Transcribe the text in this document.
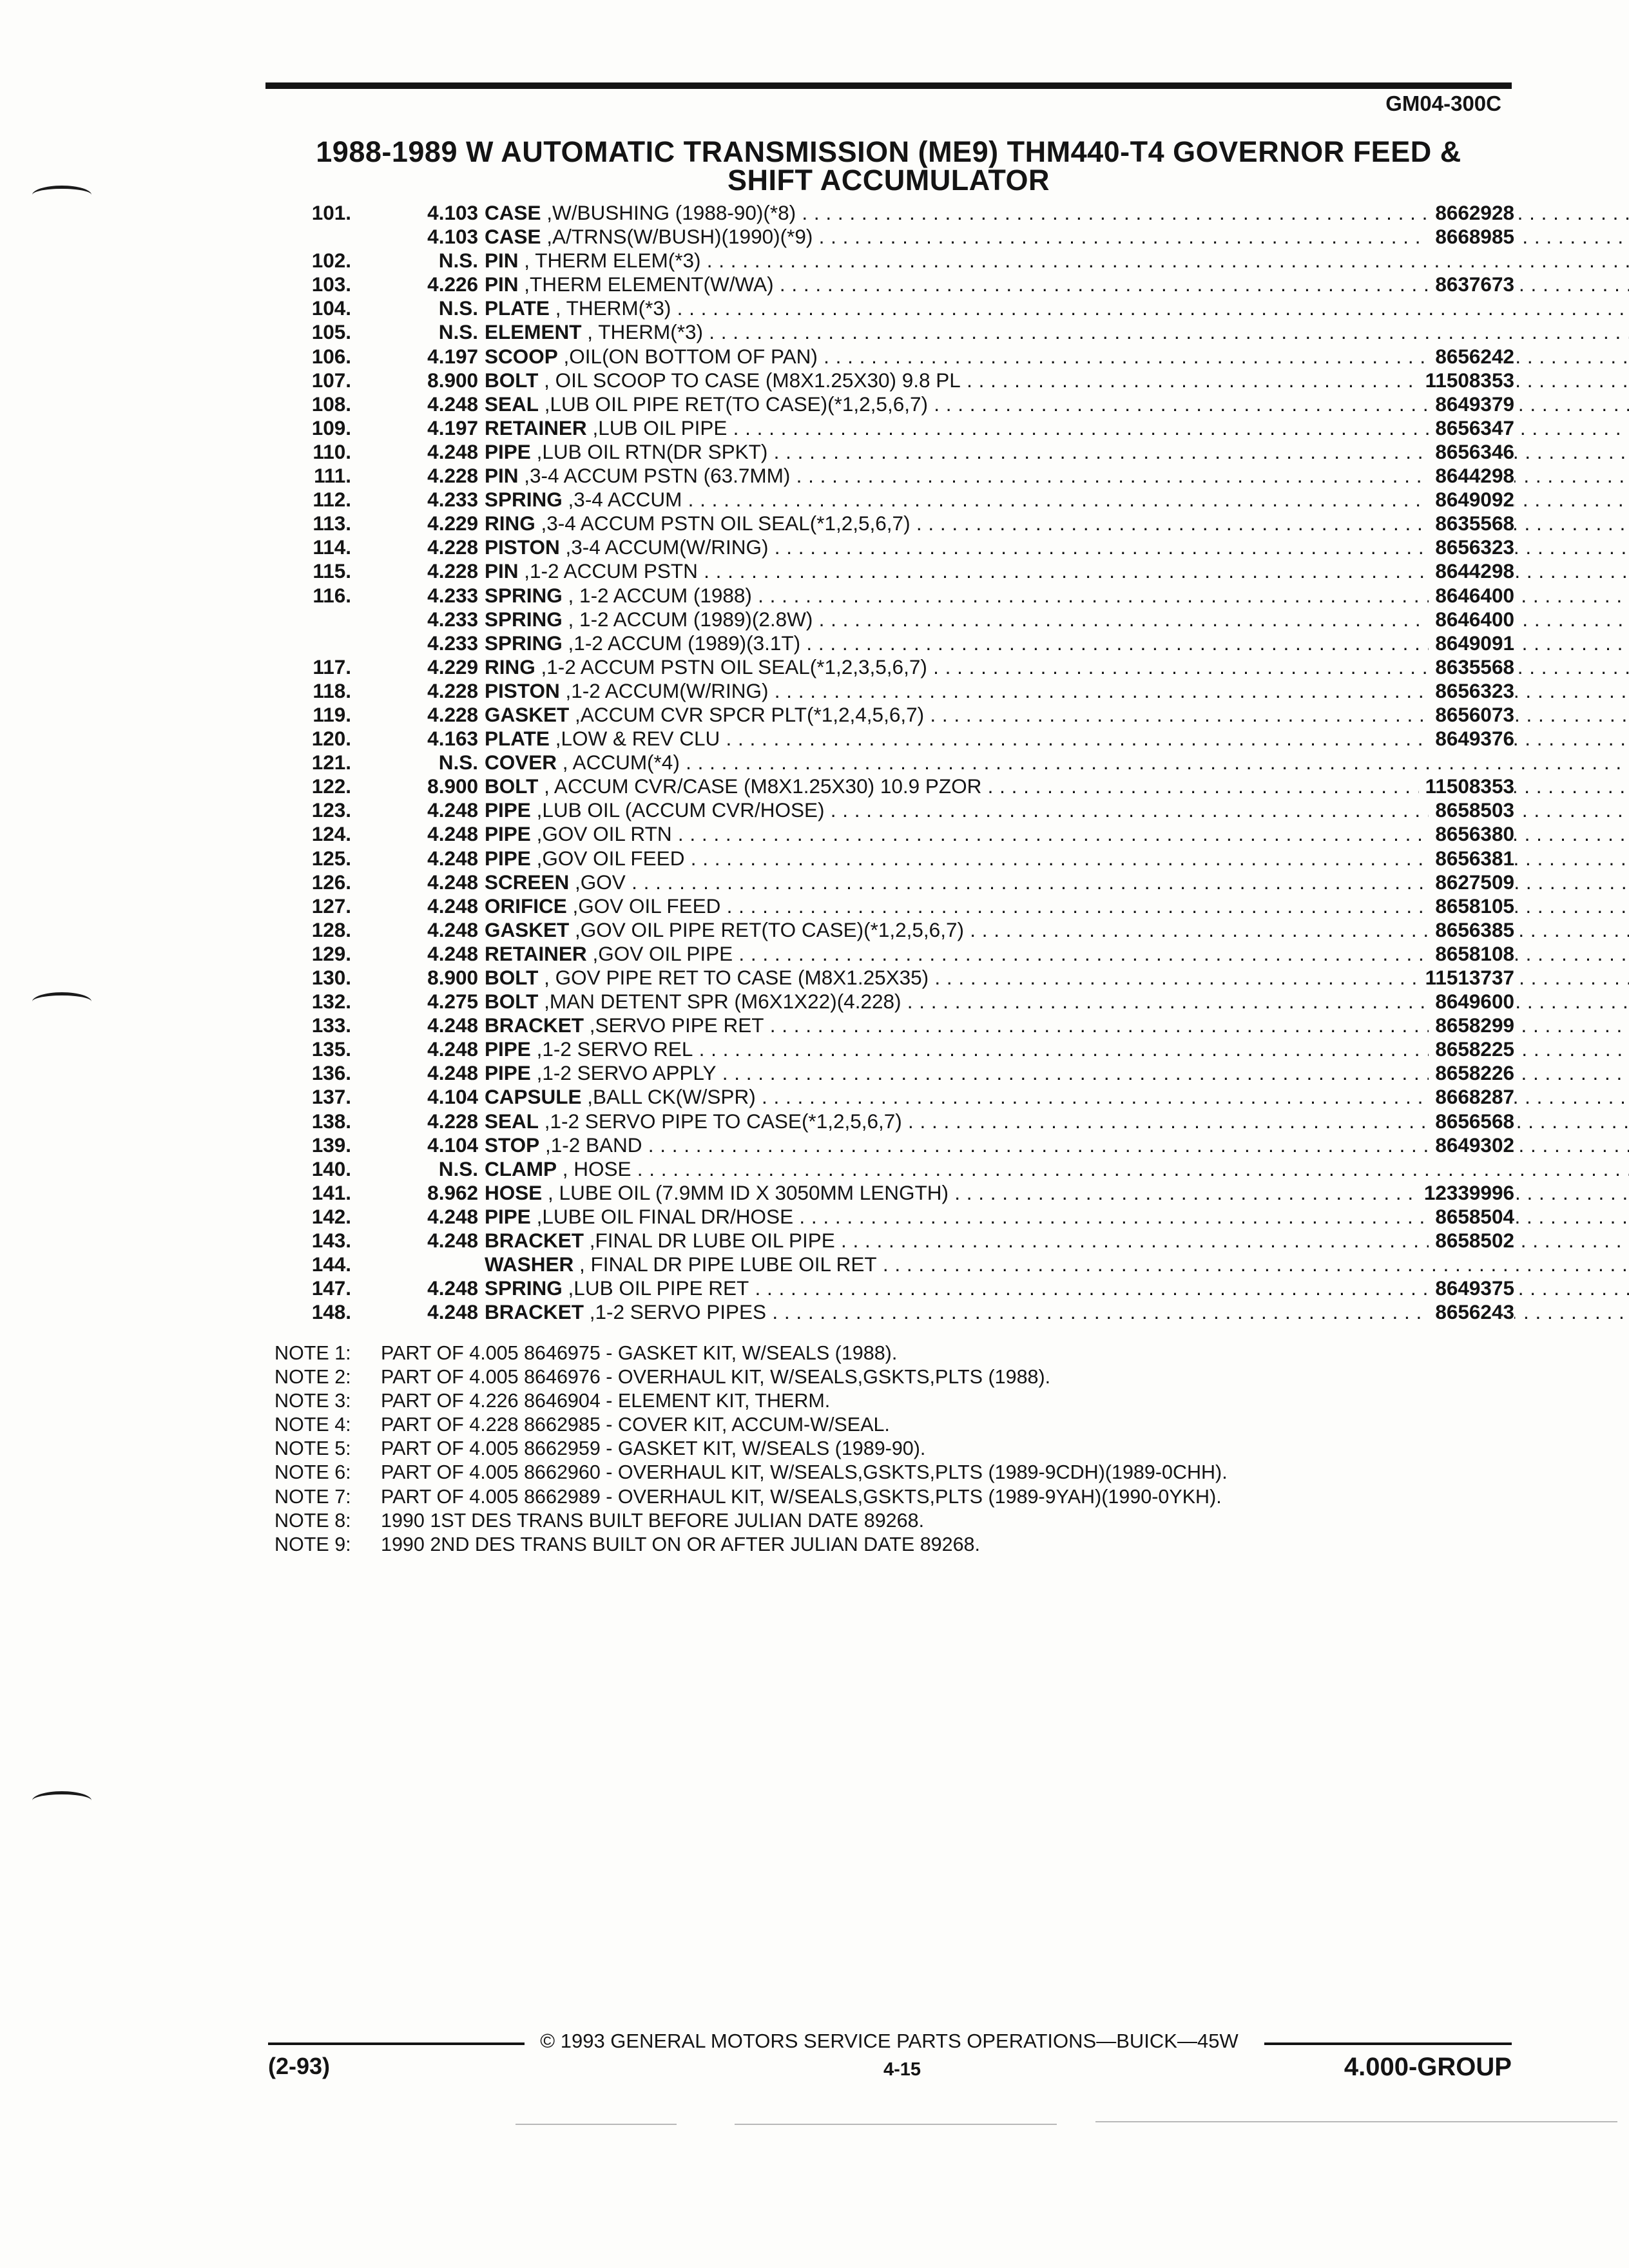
GM04-300C
1988-1989 W AUTOMATIC TRANSMISSION (ME9) THM440-T4 GOVERNOR FEED &
SHIFT ACCUMULATOR
101.	4.103 CASE ,W/BUSHING (1988-90)(*8) . . .	8662928
4.103 CASE ,A/TRNS(W/BUSH)(1990)(*9) . . .	8668985
102.	N.S. PIN , THERM ELEM(*3) . . .
103.	4.226 PIN ,THERM ELEMENT(W/WA) . . .	8637673
104.	N.S. PLATE , THERM(*3) . . .
105.	N.S. ELEMENT , THERM(*3) . . .
106.	4.197 SCOOP ,OIL(ON BOTTOM OF PAN) . . .	8656242
107.	8.900 BOLT , OIL SCOOP TO CASE (M8X1.25X30) 9.8 PL . . .	11508353
108.	4.248 SEAL ,LUB OIL PIPE RET(TO CASE)(*1,2,5,6,7) . . .	8649379
109.	4.197 RETAINER ,LUB OIL PIPE . . .	8656347
110.	4.248 PIPE ,LUB OIL RTN(DR SPKT) . . .	8656346
111.	4.228 PIN ,3-4 ACCUM PSTN (63.7MM) . . .	8644298
112.	4.233 SPRING ,3-4 ACCUM . . .	8649092
113.	4.229 RING ,3-4 ACCUM PSTN OIL SEAL(*1,2,5,6,7) . . .	8635568
114.	4.228 PISTON ,3-4 ACCUM(W/RING) . . .	8656323
115.	4.228 PIN ,1-2 ACCUM PSTN . . .	8644298
116.	4.233 SPRING , 1-2 ACCUM (1988) . . .	8646400
4.233 SPRING , 1-2 ACCUM (1989)(2.8W) . . .	8646400
4.233 SPRING ,1-2 ACCUM (1989)(3.1T) . . .	8649091
117.	4.229 RING ,1-2 ACCUM PSTN OIL SEAL(*1,2,3,5,6,7) . . .	8635568
118.	4.228 PISTON ,1-2 ACCUM(W/RING) . . .	8656323
119.	4.228 GASKET ,ACCUM CVR SPCR PLT(*1,2,4,5,6,7) . . .	8656073
120.	4.163 PLATE ,LOW & REV CLU . . .	8649376
121.	N.S. COVER , ACCUM(*4) . . .
122.	8.900 BOLT , ACCUM CVR/CASE (M8X1.25X30) 10.9 PZOR . . .	11508353
123.	4.248 PIPE ,LUB OIL (ACCUM CVR/HOSE) . . .	8658503
124.	4.248 PIPE ,GOV OIL RTN . . .	8656380
125.	4.248 PIPE ,GOV OIL FEED . . .	8656381
126.	4.248 SCREEN ,GOV . . .	8627509
127.	4.248 ORIFICE ,GOV OIL FEED . . .	8658105
128.	4.248 GASKET ,GOV OIL PIPE RET(TO CASE)(*1,2,5,6,7) . . .	8656385
129.	4.248 RETAINER ,GOV OIL PIPE . . .	8658108
130.	8.900 BOLT , GOV PIPE RET TO CASE (M8X1.25X35) . . .	11513737
132.	4.275 BOLT ,MAN DETENT SPR (M6X1X22)(4.228) . . .	8649600
133.	4.248 BRACKET ,SERVO PIPE RET . . .	8658299
135.	4.248 PIPE ,1-2 SERVO REL . . .	8658225
136.	4.248 PIPE ,1-2 SERVO APPLY . . .	8658226
137.	4.104 CAPSULE ,BALL CK(W/SPR) . . .	8668287
138.	4.228 SEAL ,1-2 SERVO PIPE TO CASE(*1,2,5,6,7) . . .	8656568
139.	4.104 STOP ,1-2 BAND . . .	8649302
140.	N.S. CLAMP , HOSE . . .
141.	8.962 HOSE , LUBE OIL (7.9MM ID X 3050MM LENGTH) . . .	12339996
142.	4.248 PIPE ,LUBE OIL FINAL DR/HOSE . . .	8658504
143.	4.248 BRACKET ,FINAL DR LUBE OIL PIPE . . .	8658502
144.	WASHER , FINAL DR PIPE LUBE OIL RET . . .
147.	4.248 SPRING ,LUB OIL PIPE RET . . .	8649375
148.	4.248 BRACKET ,1-2 SERVO PIPES . . .	8656243
NOTE 1: PART OF 4.005 8646975 - GASKET KIT, W/SEALS (1988).
NOTE 2: PART OF 4.005 8646976 - OVERHAUL KIT, W/SEALS,GSKTS,PLTS (1988).
NOTE 3: PART OF 4.226 8646904 - ELEMENT KIT, THERM.
NOTE 4: PART OF 4.228 8662985 - COVER KIT, ACCUM-W/SEAL.
NOTE 5: PART OF 4.005 8662959 - GASKET KIT, W/SEALS (1989-90).
NOTE 6: PART OF 4.005 8662960 - OVERHAUL KIT, W/SEALS,GSKTS,PLTS (1989-9CDH)(1989-0CHH).
NOTE 7: PART OF 4.005 8662989 - OVERHAUL KIT, W/SEALS,GSKTS,PLTS (1989-9YAH)(1990-0YKH).
NOTE 8: 1990 1ST DES TRANS BUILT BEFORE JULIAN DATE 89268.
NOTE 9: 1990 2ND DES TRANS BUILT ON OR AFTER JULIAN DATE 89268.
© 1993 GENERAL MOTORS SERVICE PARTS OPERATIONS—BUICK—45W
(2-93)	4-15	4.000-GROUP
